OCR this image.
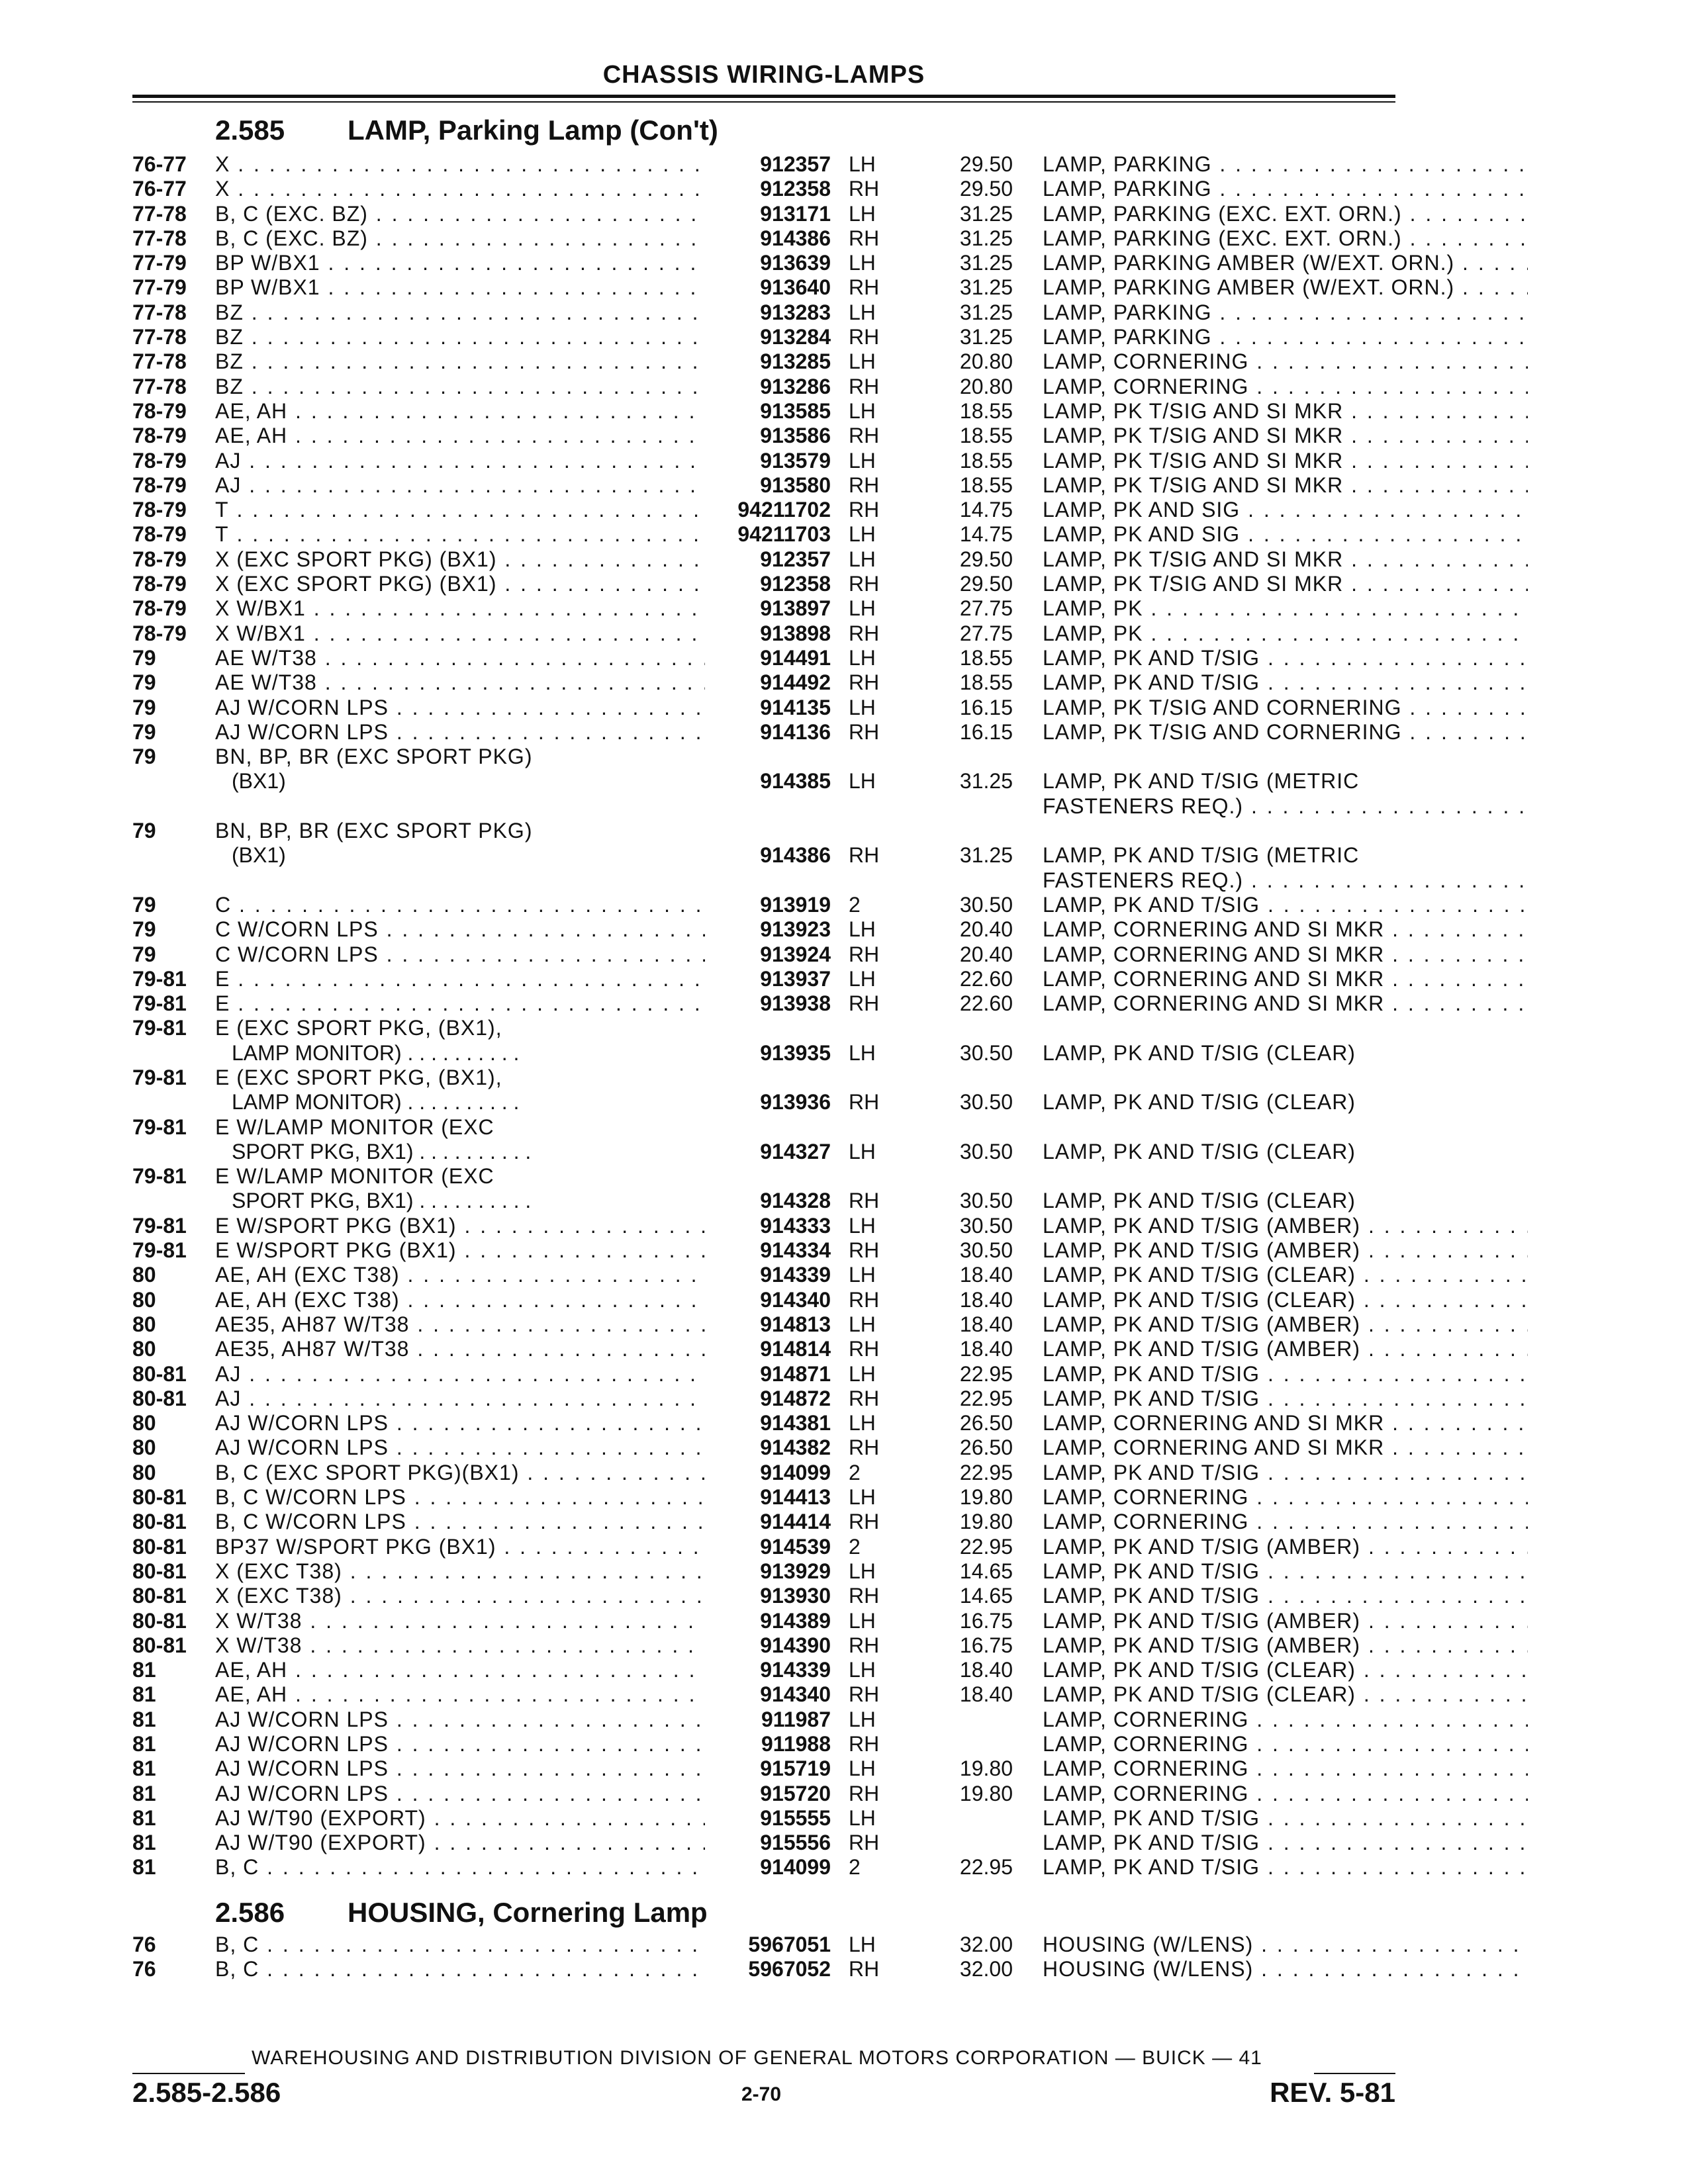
CHASSIS WIRING-LAMPS
2.585 LAMP, Parking Lamp (Con't)
76-77 X . . .	912357 LH	29.50 LAMP, PARKING . . .
76-77 X . . .	912358 RH	29.50 LAMP, PARKING . . .
77-78 B, C (EXC. BZ) . . .	913171 LH	31.25 LAMP, PARKING (EXC. EXT. ORN.) . . .
77-78 B, C (EXC. BZ) . . .	914386 RH	31.25 LAMP, PARKING (EXC. EXT. ORN.) . . .
77-79 BP W/BX1 . . .	913639 LH	31.25 LAMP, PARKING AMBER (W/EXT. ORN.) . . .
77-79 BP W/BX1 . . .	913640 RH	31.25 LAMP, PARKING AMBER (W/EXT. ORN.) . . .
77-78 BZ . . .	913283 LH	31.25 LAMP, PARKING . . .
77-78 BZ . . .	913284 RH	31.25 LAMP, PARKING . . .
77-78 BZ . . .	913285 LH	20.80 LAMP, CORNERING . . .
77-78 BZ . . .	913286 RH	20.80 LAMP, CORNERING . . .
78-79 AE, AH . . .	913585 LH	18.55 LAMP, PK T/SIG AND SI MKR . . .
78-79 AE, AH . . .	913586 RH	18.55 LAMP, PK T/SIG AND SI MKR . . .
78-79 AJ . . .	913579 LH	18.55 LAMP, PK T/SIG AND SI MKR . . .
78-79 AJ . . .	913580 RH	18.55 LAMP, PK T/SIG AND SI MKR . . .
78-79 T . . .	94211702 RH	14.75 LAMP, PK AND SIG . . .
78-79 T . . .	94211703 LH	14.75 LAMP, PK AND SIG . . .
78-79 X (EXC SPORT PKG) (BX1) . . .	912357 LH	29.50 LAMP, PK T/SIG AND SI MKR . . .
78-79 X (EXC SPORT PKG) (BX1) . . .	912358 RH	29.50 LAMP, PK T/SIG AND SI MKR . . .
78-79 X W/BX1 . . .	913897 LH	27.75 LAMP, PK . . .
78-79 X W/BX1 . . .	913898 RH	27.75 LAMP, PK . . .
79	AE W/T38 . . .	914491 LH	18.55 LAMP, PK AND T/SIG . . .
79	AE W/T38 . . .	914492 RH	18.55 LAMP, PK AND T/SIG . . .
79	AJ W/CORN LPS . . .	914135 LH	16.15 LAMP, PK T/SIG AND CORNERING . . .
79	AJ W/CORN LPS . . .	914136 RH	16.15 LAMP, PK T/SIG AND CORNERING . . .
79	BN, BP, BR (EXC SPORT PKG)
(BX1)	914385 LH	31.25 LAMP, PK AND T/SIG (METRIC
FASTENERS REQ.) . . .
79	BN, BP, BR (EXC SPORT PKG)
(BX1)	914386 RH	31.25 LAMP, PK AND T/SIG (METRIC
FASTENERS REQ.) . . .
79	C . . .	913919 2	30.50 LAMP, PK AND T/SIG . . .
79	C W/CORN LPS . . .	913923 LH	20.40 LAMP, CORNERING AND SI MKR . . .
79	C W/CORN LPS . . .	913924 RH	20.40 LAMP, CORNERING AND SI MKR . . .
79-81 E . . .	913937 LH	22.60 LAMP, CORNERING AND SI MKR . . .
79-81 E . . .	913938 RH	22.60 LAMP, CORNERING AND SI MKR . . .
79-81 E (EXC SPORT PKG, (BX1),
LAMP MONITOR) . . . . . . . . . .	913935 LH	30.50 LAMP, PK AND T/SIG (CLEAR)
79-81 E (EXC SPORT PKG, (BX1),
LAMP MONITOR) . . . . . . . . . .	913936 RH	30.50 LAMP, PK AND T/SIG (CLEAR)
79-81 E W/LAMP MONITOR (EXC
SPORT PKG, BX1) . . . . . . . . . .	914327 LH	30.50 LAMP, PK AND T/SIG (CLEAR)
79-81 E W/LAMP MONITOR (EXC
SPORT PKG, BX1) . . . . . . . . . .	914328 RH	30.50 LAMP, PK AND T/SIG (CLEAR)
79-81 E W/SPORT PKG (BX1) . . .	914333 LH	30.50 LAMP, PK AND T/SIG (AMBER) . . .
79-81 E W/SPORT PKG (BX1) . . .	914334 RH	30.50 LAMP, PK AND T/SIG (AMBER) . . .
80	AE, AH (EXC T38) . . .	914339 LH	18.40 LAMP, PK AND T/SIG (CLEAR) . . .
80	AE, AH (EXC T38) . . .	914340 RH	18.40 LAMP, PK AND T/SIG (CLEAR) . . .
80	AE35, AH87 W/T38 . . .	914813 LH	18.40 LAMP, PK AND T/SIG (AMBER) . . .
80	AE35, AH87 W/T38 . . .	914814 RH	18.40 LAMP, PK AND T/SIG (AMBER) . . .
80-81 AJ . . .	914871 LH	22.95 LAMP, PK AND T/SIG . . .
80-81 AJ . . .	914872 RH	22.95 LAMP, PK AND T/SIG . . .
80	AJ W/CORN LPS . . .	914381 LH	26.50 LAMP, CORNERING AND SI MKR . . .
80	AJ W/CORN LPS . . .	914382 RH	26.50 LAMP, CORNERING AND SI MKR . . .
80	B, C (EXC SPORT PKG)(BX1) . . .	914099 2	22.95 LAMP, PK AND T/SIG . . .
80-81 B, C W/CORN LPS . . .	914413 LH	19.80 LAMP, CORNERING . . .
80-81 B, C W/CORN LPS . . .	914414 RH	19.80 LAMP, CORNERING . . .
80-81 BP37 W/SPORT PKG (BX1) . . .	914539 2	22.95 LAMP, PK AND T/SIG (AMBER) . . .
80-81 X (EXC T38) . . .	913929 LH	14.65 LAMP, PK AND T/SIG . . .
80-81 X (EXC T38) . . .	913930 RH	14.65 LAMP, PK AND T/SIG . . .
80-81 X W/T38 . . .	914389 LH	16.75 LAMP, PK AND T/SIG (AMBER) . . .
80-81 X W/T38 . . .	914390 RH	16.75 LAMP, PK AND T/SIG (AMBER) . . .
81	AE, AH . . .	914339 LH	18.40 LAMP, PK AND T/SIG (CLEAR) . . .
81	AE, AH . . .	914340 RH	18.40 LAMP, PK AND T/SIG (CLEAR) . . .
81	AJ W/CORN LPS . . .	911987 LH	LAMP, CORNERING . . .
81	AJ W/CORN LPS . . .	911988 RH	LAMP, CORNERING . . .
81	AJ W/CORN LPS . . .	915719 LH	19.80 LAMP, CORNERING . . .
81	AJ W/CORN LPS . . .	915720 RH	19.80 LAMP, CORNERING . . .
81	AJ W/T90 (EXPORT) . . .	915555 LH	LAMP, PK AND T/SIG . . .
81	AJ W/T90 (EXPORT) . . .	915556 RH	LAMP, PK AND T/SIG . . .
81	B, C . . .	914099 2	22.95 LAMP, PK AND T/SIG . . .
2.586 HOUSING, Cornering Lamp
76	B, C . . .	5967051 LH	32.00 HOUSING (W/LENS) . . .
76	B, C . . .	5967052 RH	32.00 HOUSING (W/LENS) . . .
WAREHOUSING AND DISTRIBUTION DIVISION OF GENERAL MOTORS CORPORATION — BUICK — 41
2.585-2.586	2-70	REV. 5-81
